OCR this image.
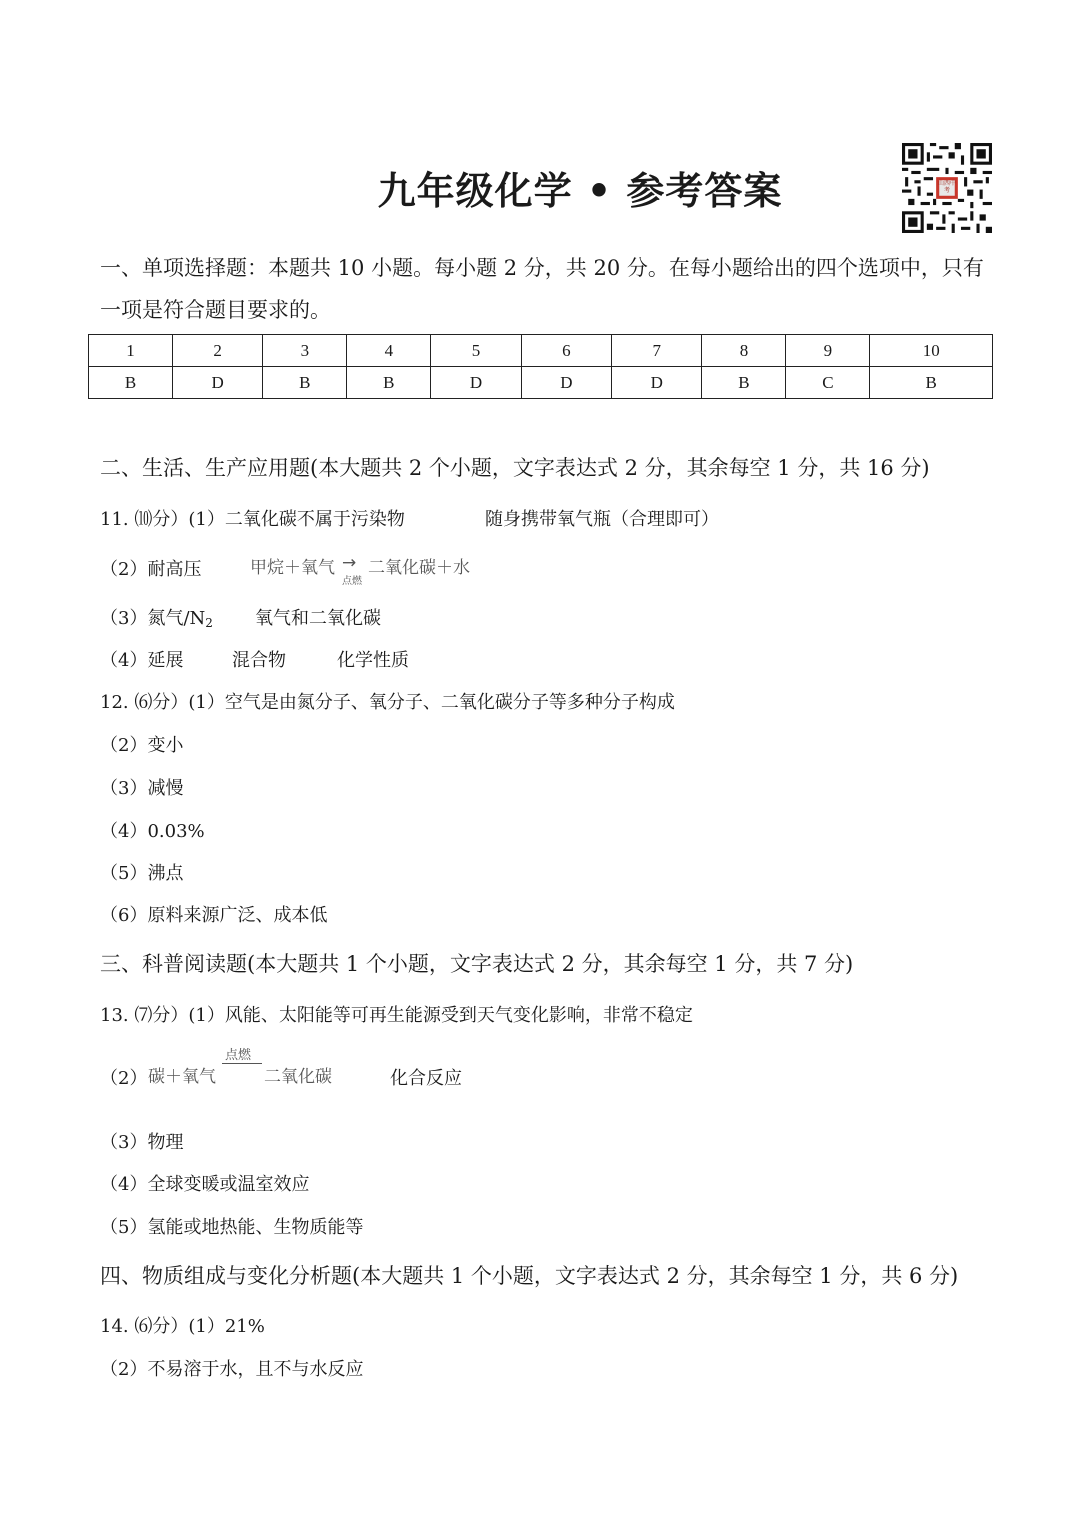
九年级化学 • 参考答案	山西中考
一、单项选择题：本题共 10 小题。每小题 2 分，共 20 分。在每小题给出的四个选项中，只有
一项是符合题目要求的。
1	2	3	4	5	6	7	8	9	10
B	D	B	B	D	D	D	B	C	B
二、生活、生产应用题(本大题共 2 个小题，文字表达式 2 分，其余每空 1 分，共 16 分)
11. ⑽分）(1）二氧化碳不属于污染物	随身携带氧气瓶（合理即可）
（2）耐高压	甲烷＋氧气 →
点燃
二氧化碳＋水
（3）氮气$/N_2$ 氧气和二氧化碳
（4）延展	混合物	化学性质
12. ⑹分）(1）空气是由氮分子、氧分子、二氧化碳分子等多种分子构成
（2）变小
（3）减慢
（4）0.03%
（5）沸点
（6）原料来源广泛、成本低
三、科普阅读题(本大题共 1 个小题，文字表达式 2 分，其余每空 1 分，共 7 分)
13. ⑺分）(1）风能、太阳能等可再生能源受到天气变化影响，非常不稳定
（2）
点燃
碳＋氧气	二氧化碳	化合反应
（3）物理
（4）全球变暖或温室效应
（5）氢能或地热能、生物质能等
四、物质组成与变化分析题(本大题共 1 个小题，文字表达式 2 分，其余每空 1 分，共 6 分)
14. ⑹分）(1）21%
（2）不易溶于水，且不与水反应
